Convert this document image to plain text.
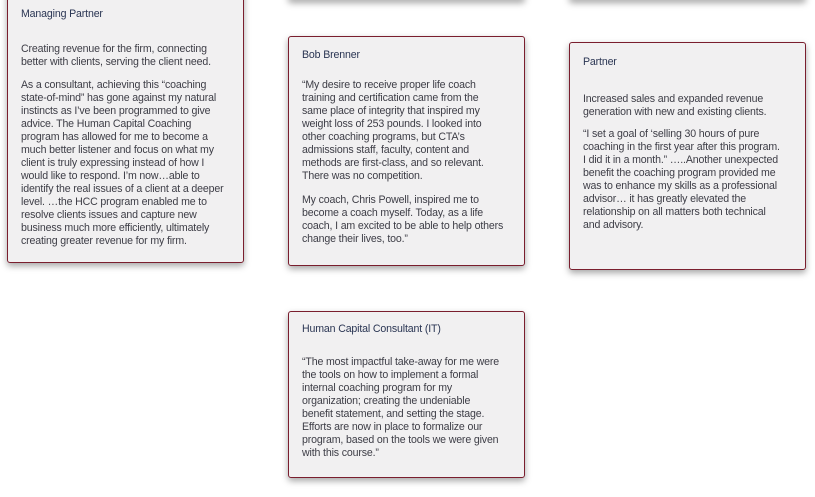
Managing Partner

Creating revenue for the firm, connecting
better with clients, serving the client need.

As a consultant, achieving this “coaching
state-of-mind” has gone against my natural
instincts as I’ve been programmed to give
advice. The Human Capital Coaching
program has allowed for me to become a
much better listener and focus on what my
client is truly expressing instead of how I
would like to respond. I’m now…able to
identify the real issues of a client at a deeper
level. …the HCC program enabled me to
resolve clients issues and capture new
business much more efficiently, ultimately
creating greater revenue for my firm.

Bob Brenner

“My desire to receive proper life coach
training and certification came from the
same place of integrity that inspired my
weight loss of 253 pounds. I looked into
other coaching programs, but CTA’s
admissions staff, faculty, content and
methods are first-class, and so relevant.
There was no competition.

My coach, Chris Powell, inspired me to
become a coach myself. Today, as a life
coach, I am excited to be able to help others
change their lives, too.”

Partner

Increased sales and expanded revenue
generation with new and existing clients.

“I set a goal of ‘selling 30 hours of pure
coaching in the first year after this program.
I did it in a month.” …..Another unexpected
benefit the coaching program provided me
was to enhance my skills as a professional
advisor… it has greatly elevated the
relationship on all matters both technical
and advisory.

Human Capital Consultant (IT)

“The most impactful take-away for me were
the tools on how to implement a formal
internal coaching program for my
organization; creating the undeniable
benefit statement, and setting the stage.
Efforts are now in place to formalize our
program, based on the tools we were given
with this course.”
